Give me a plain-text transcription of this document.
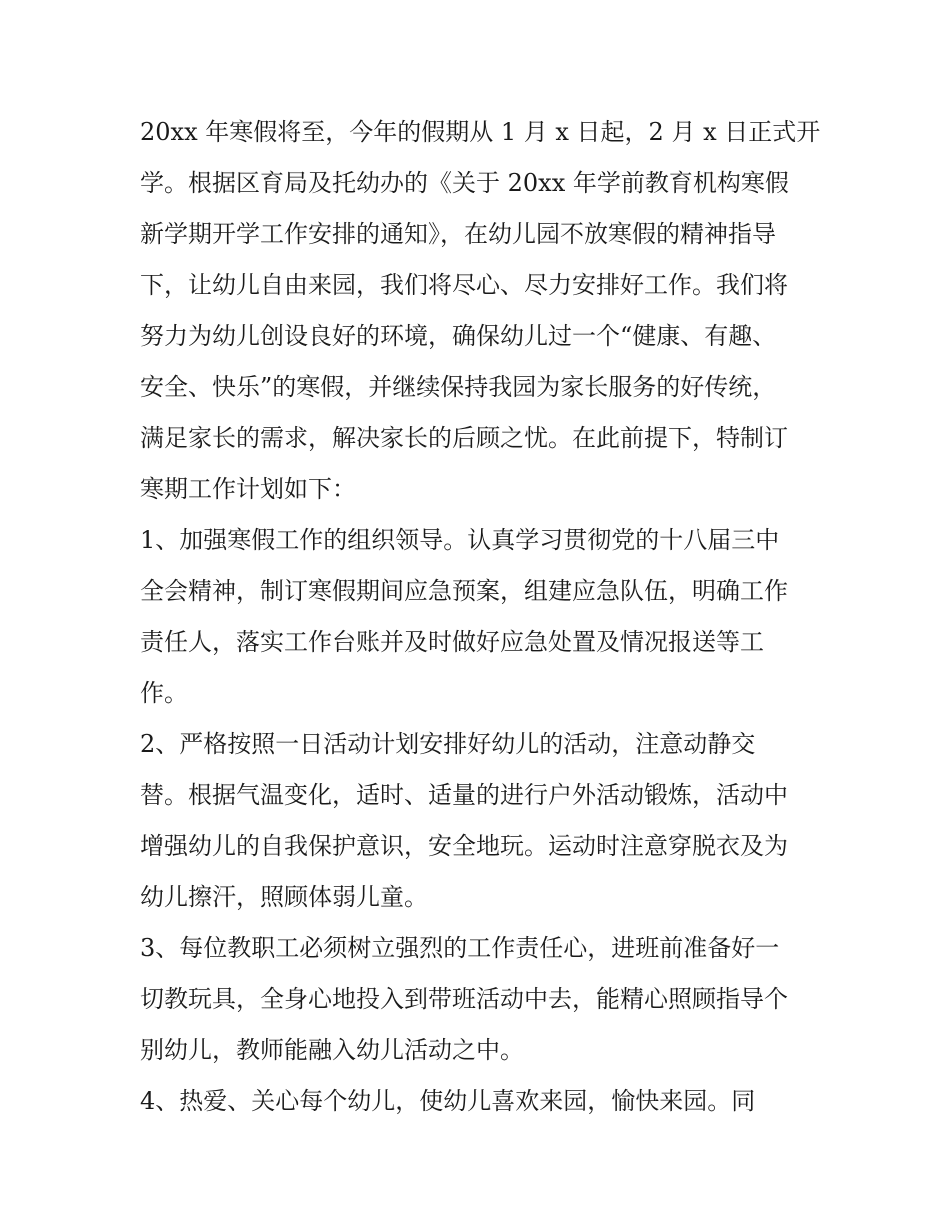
20xx 年寒假将至，今年的假期从 1 月 x 日起，2 月 x 日正式开
学。根据区育局及托幼办的《关于 20xx 年学前教育机构寒假
新学期开学工作安排的通知》，在幼儿园不放寒假的精神指导
下，让幼儿自由来园，我们将尽心、尽力安排好工作。我们将
努力为幼儿创设良好的环境，确保幼儿过一个“健康、有趣、
安全、快乐”的寒假，并继续保持我园为家长服务的好传统，
满足家长的需求，解决家长的后顾之忧。在此前提下，特制订
寒期工作计划如下：
1、加强寒假工作的组织领导。认真学习贯彻党的十八届三中
全会精神，制订寒假期间应急预案，组建应急队伍，明确工作
责任人，落实工作台账并及时做好应急处置及情况报送等工
作。
2、严格按照一日活动计划安排好幼儿的活动，注意动静交
替。根据气温变化，适时、适量的进行户外活动锻炼，活动中
增强幼儿的自我保护意识，安全地玩。运动时注意穿脱衣及为
幼儿擦汗，照顾体弱儿童。
3、每位教职工必须树立强烈的工作责任心，进班前准备好一
切教玩具，全身心地投入到带班活动中去，能精心照顾指导个
别幼儿，教师能融入幼儿活动之中。
4、热爱、关心每个幼儿，使幼儿喜欢来园，愉快来园。同
